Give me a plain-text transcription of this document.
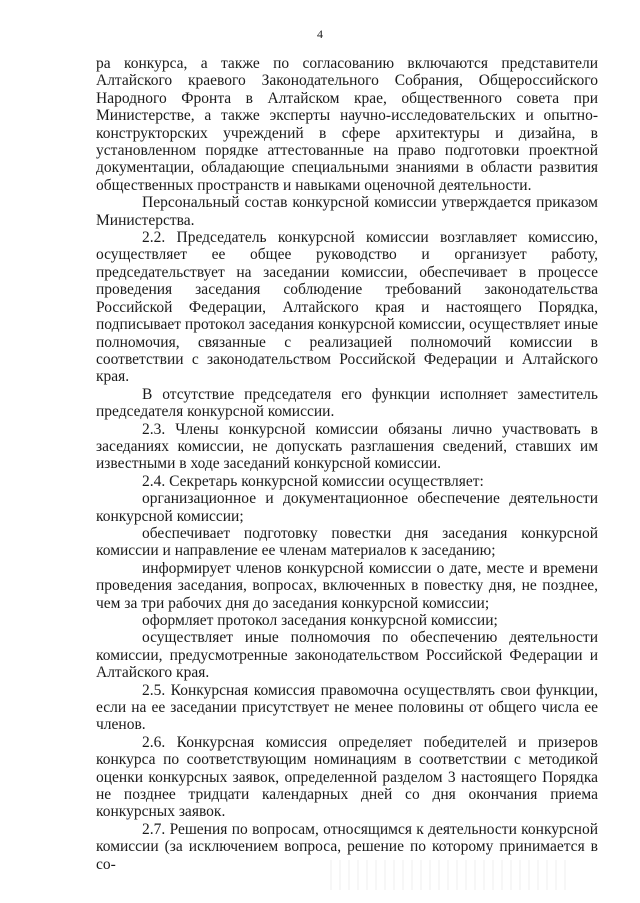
4

ра конкурса, а также по согласованию включаются представители Алтайского краевого Законодательного Собрания, Общероссийского Народного Фронта в Алтайском крае, общественного совета при Министерстве, а также эксперты научно-исследовательских и опытно-конструкторских учреждений в сфере архитектуры и дизайна, в установленном порядке аттестованные на право подготовки проектной документации, обладающие специальными знаниями в области развития общественных пространств и навыками оценочной деятельности.

Персональный состав конкурсной комиссии утверждается приказом Министерства.

2.2. Председатель конкурсной комиссии возглавляет комиссию, осуществляет ее общее руководство и организует работу, председательствует на заседании комиссии, обеспечивает в процессе проведения заседания соблюдение требований законодательства Российской Федерации, Алтайского края и настоящего Порядка, подписывает протокол заседания конкурсной комиссии, осуществляет иные полномочия, связанные с реализацией полномочий комиссии в соответствии с законодательством Российской Федерации и Алтайского края.

В отсутствие председателя его функции исполняет заместитель председателя конкурсной комиссии.

2.3. Члены конкурсной комиссии обязаны лично участвовать в заседаниях комиссии, не допускать разглашения сведений, ставших им известными в ходе заседаний конкурсной комиссии.

2.4. Секретарь конкурсной комиссии осуществляет:

организационное и документационное обеспечение деятельности конкурсной комиссии;

обеспечивает подготовку повестки дня заседания конкурсной комиссии и направление ее членам материалов к заседанию;

информирует членов конкурсной комиссии о дате, месте и времени проведения заседания, вопросах, включенных в повестку дня, не позднее, чем за три рабочих дня до заседания конкурсной комиссии;

оформляет протокол заседания конкурсной комиссии;

осуществляет иные полномочия по обеспечению деятельности комиссии, предусмотренные законодательством Российской Федерации и Алтайского края.

2.5. Конкурсная комиссия правомочна осуществлять свои функции, если на ее заседании присутствует не менее половины от общего числа ее членов.

2.6. Конкурсная комиссия определяет победителей и призеров конкурса по соответствующим номинациям в соответствии с методикой оценки конкурсных заявок, определенной разделом 3 настоящего Порядка не позднее тридцати календарных дней со дня окончания приема конкурсных заявок.

2.7. Решения по вопросам, относящимся к деятельности конкурсной комиссии (за исключением вопроса, решение по которому принимается в со-
